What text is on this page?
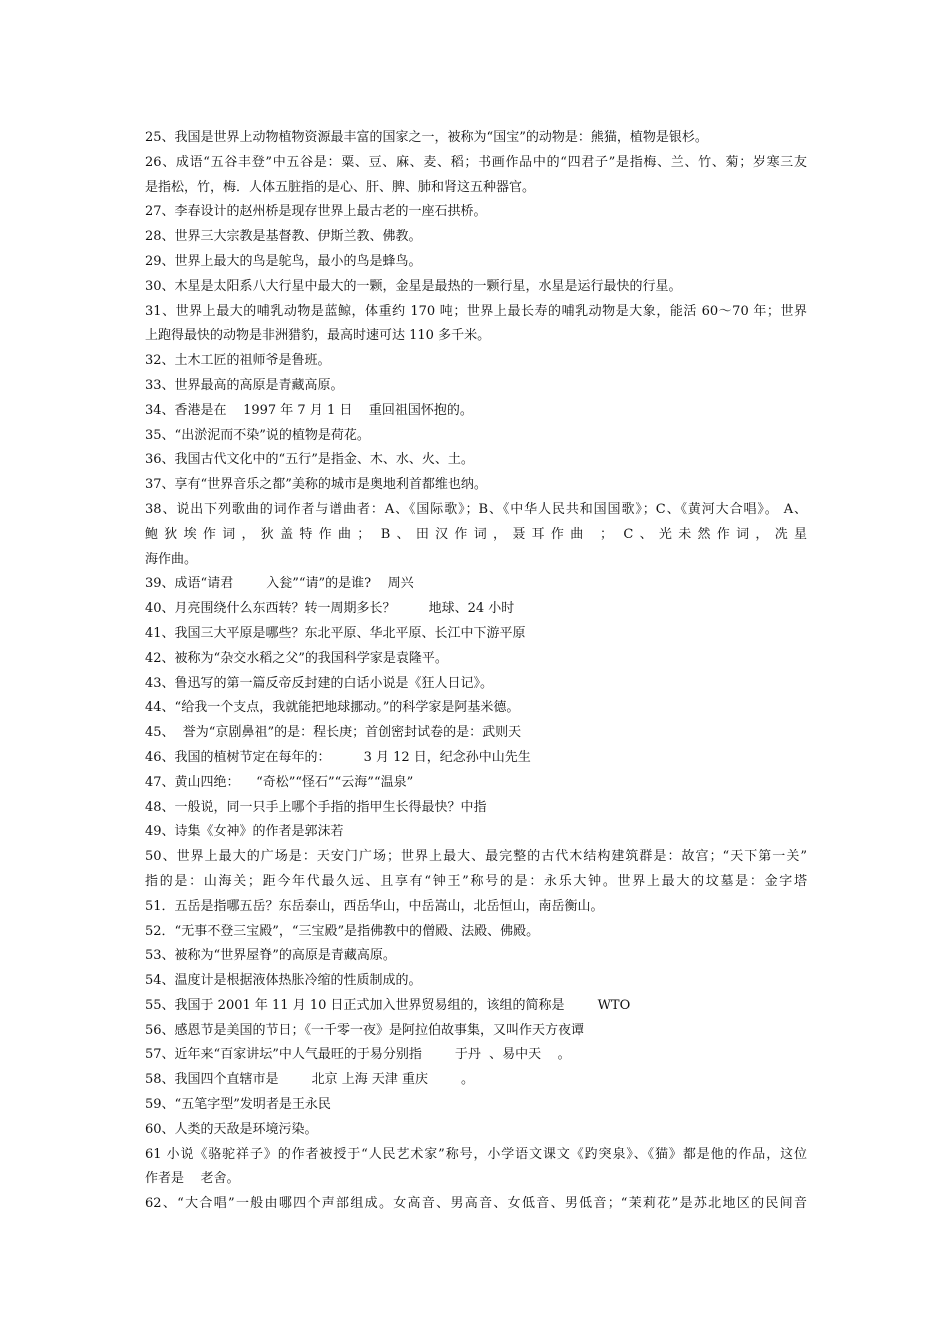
25、我国是世界上动物植物资源最丰富的国家之一，被称为“国宝”的动物是：熊猫，植物是银杉。
26、成语“五谷丰登”中五谷是：粟、豆、麻、麦、稻；书画作品中的“四君子”是指梅、兰、竹、菊；岁寒三友
是指松，竹，梅．人体五脏指的是心、肝、脾、肺和肾这五种器官。
27、李春设计的赵州桥是现存世界上最古老的一座石拱桥。
28、世界三大宗教是基督教、伊斯兰教、佛教。
29、世界上最大的鸟是鸵鸟，最小的鸟是蜂鸟。
30、木星是太阳系八大行星中最大的一颗，金星是最热的一颗行星，水星是运行最快的行星。
31、世界上最大的哺乳动物是蓝鲸，体重约 170 吨；世界上最长寿的哺乳动物是大象，能活 60～70 年；世界
上跑得最快的动物是非洲猎豹，最高时速可达 110 多千米。
32、土木工匠的祖师爷是鲁班。
33、世界最高的高原是青藏高原。
34、香港是在    1997 年 7 月 1 日    重回祖国怀抱的。
35、“出淤泥而不染”说的植物是荷花。
36、我国古代文化中的“五行”是指金、木、水、火、土。
37、享有“世界音乐之都”美称的城市是奥地利首都维也纳。
38、说出下列歌曲的词作者与谱曲者：A、《国际歌》；B、《中华人民共和国国歌》；C、《黄河大合唱》。 A、
鲍狄埃作词，狄盖特作曲； B、田汉作词，聂耳作曲 ； C、光未然作词，冼星
海作曲。
39、成语“请君        入瓮”“请”的是谁?    周兴
40、月亮围绕什么东西转？转一周期多长？        地球、24 小时
41、我国三大平原是哪些？东北平原、华北平原、长江中下游平原
42、被称为“杂交水稻之父”的我国科学家是袁隆平。
43、鲁迅写的第一篇反帝反封建的白话小说是《狂人日记》。
44、“给我一个支点，我就能把地球挪动。”的科学家是阿基米德。
45、  誉为“京剧鼻祖”的是：程长庚；首创密封试卷的是：武则天
46、我国的植树节定在每年的：        3 月 12 日，纪念孙中山先生
47、黄山四绝：    “奇松”“怪石”“云海”“温泉”
48、一般说，同一只手上哪个手指的指甲生长得最快？中指
49、诗集《女神》的作者是郭沫若
50、世界上最大的广场是：天安门广场；世界上最大、最完整的古代木结构建筑群是：故宫；“天下第一关”
指的是：山海关；距今年代最久远、且享有“钟王”称号的是：永乐大钟。世界上最大的坟墓是：金字塔
51．五岳是指哪五岳？东岳泰山，西岳华山，中岳嵩山，北岳恒山，南岳衡山。
52．“无事不登三宝殿”，“三宝殿”是指佛教中的僧殿、法殿、佛殿。
53、被称为“世界屋脊”的高原是青藏高原。
54、温度计是根据液体热胀冷缩的性质制成的。
55、我国于 2001 年 11 月 10 日正式加入世界贸易组的，该组的简称是        WTO
56、感恩节是美国的节日；《一千零一夜》是阿拉伯故事集，又叫作天方夜谭
57、近年来“百家讲坛”中人气最旺的于易分别指        于丹  、易中天    。
58、我国四个直辖市是        北京 上海 天津 重庆        。
59、“五笔字型”发明者是王永民
60、人类的天敌是环境污染。
61 小说《骆驼祥子》的作者被授于“人民艺术家”称号，小学语文课文《趵突泉》、《猫》都是他的作品，这位
作者是    老舍。
62、“大合唱”一般由哪四个声部组成。女高音、男高音、女低音、男低音；“茉莉花”是苏北地区的民间音
